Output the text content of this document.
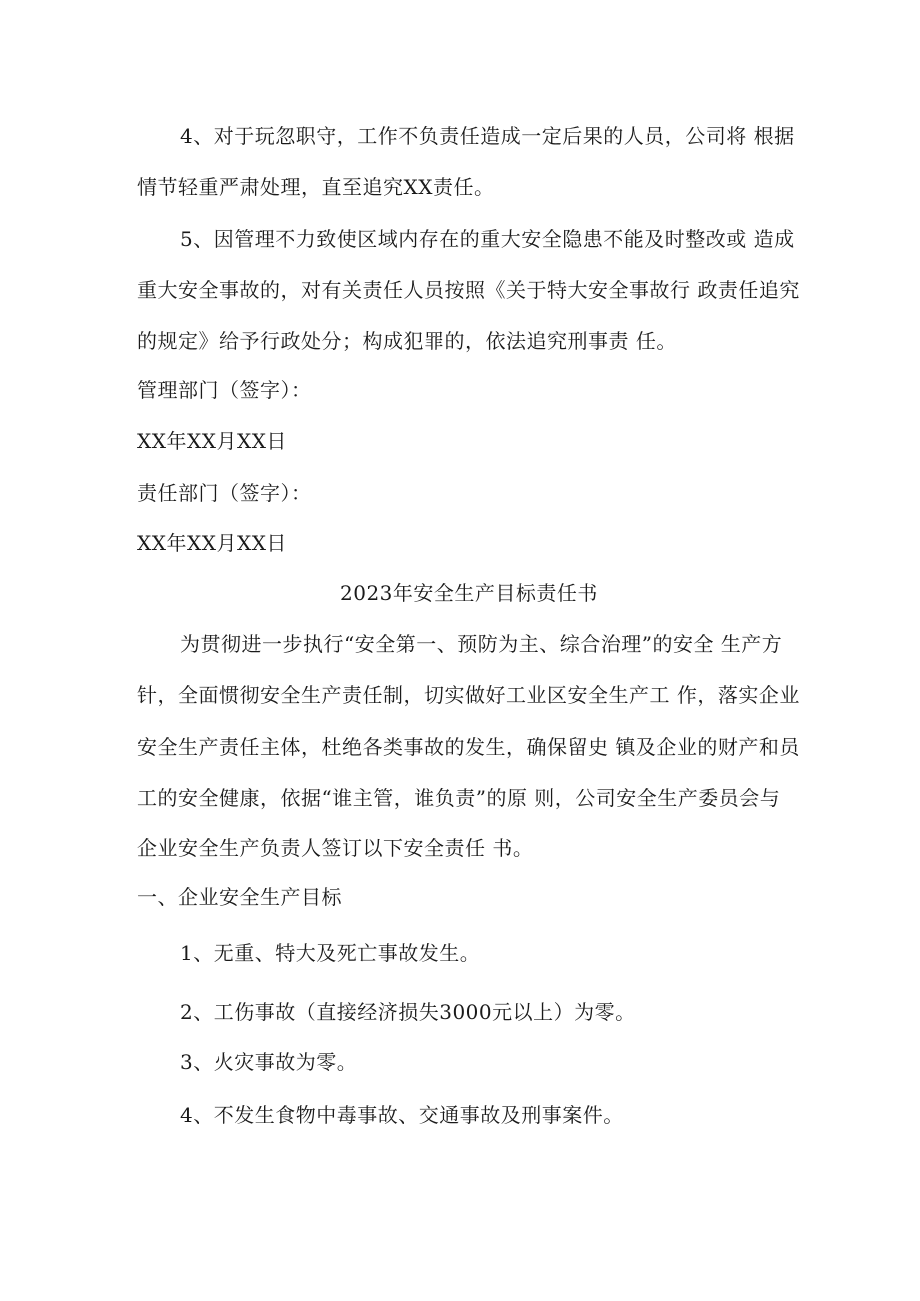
4、对于玩忽职守，工作不负责任造成一定后果的人员，公司将 根据
情节轻重严肃处理，直至追究XX责任。
5、因管理不力致使区域内存在的重大安全隐患不能及时整改或 造成
重大安全事故的，对有关责任人员按照《关于特大安全事故行 政责任追究
的规定》给予行政处分；构成犯罪的，依法追究刑事责 任。
管理部门（签字）：
XX年XX月XX日
责任部门（签字）：
XX年XX月XX日
2023年安全生产目标责任书
为贯彻进一步执行“安全第一、预防为主、综合治理”的安全 生产方
针，全面惯彻安全生产责任制，切实做好工业区安全生产工 作，落实企业
安全生产责任主体，杜绝各类事故的发生，确保留史 镇及企业的财产和员
工的安全健康，依据“谁主管，谁负责”的原 则，公司安全生产委员会与
企业安全生产负责人签订以下安全责任 书。
一、企业安全生产目标
1、无重、特大及死亡事故发生。
2、工伤事故（直接经济损失3000元以上）为零。
3、火灾事故为零。
4、不发生食物中毒事故、交通事故及刑事案件。
